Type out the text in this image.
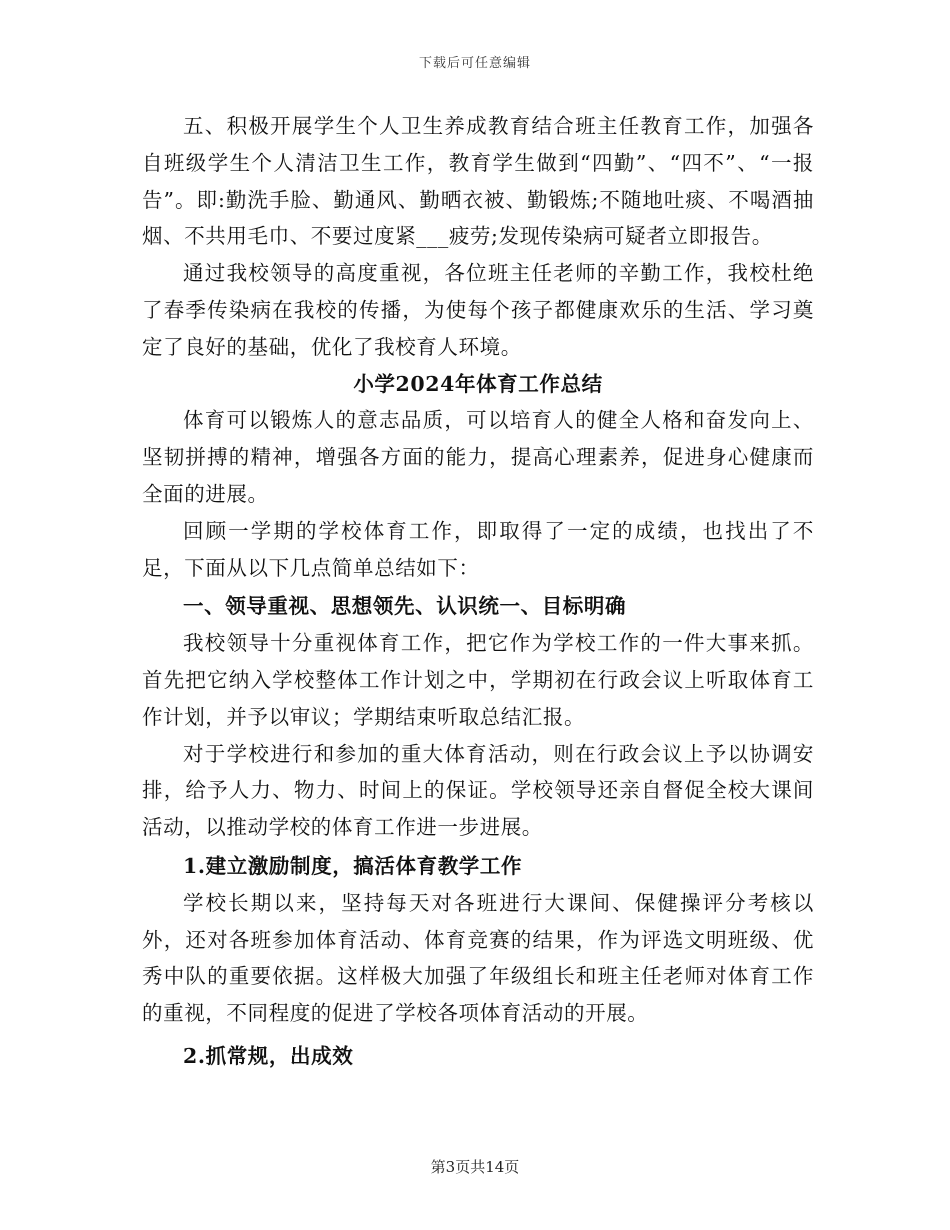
下载后可任意编辑

五、积极开展学生个人卫生养成教育结合班主任教育工作，加强各自班级学生个人清洁卫生工作，教育学生做到“四勤”、“四不”、“一报告”。即:勤洗手脸、勤通风、勤晒衣被、勤锻炼;不随地吐痰、不喝酒抽烟、不共用毛巾、不要过度紧___疲劳;发现传染病可疑者立即报告。

通过我校领导的高度重视，各位班主任老师的辛勤工作，我校杜绝了春季传染病在我校的传播，为使每个孩子都健康欢乐的生活、学习奠定了良好的基础，优化了我校育人环境。

小学2024年体育工作总结

体育可以锻炼人的意志品质，可以培育人的健全人格和奋发向上、坚韧拼搏的精神，增强各方面的能力，提高心理素养，促进身心健康而全面的进展。

回顾一学期的学校体育工作，即取得了一定的成绩，也找出了不足，下面从以下几点简单总结如下：

一、领导重视、思想领先、认识统一、目标明确

我校领导十分重视体育工作，把它作为学校工作的一件大事来抓。首先把它纳入学校整体工作计划之中，学期初在行政会议上听取体育工作计划，并予以审议；学期结束听取总结汇报。

对于学校进行和参加的重大体育活动，则在行政会议上予以协调安排，给予人力、物力、时间上的保证。学校领导还亲自督促全校大课间活动，以推动学校的体育工作进一步进展。

1.建立激励制度，搞活体育教学工作

学校长期以来，坚持每天对各班进行大课间、保健操评分考核以外，还对各班参加体育活动、体育竞赛的结果，作为评选文明班级、优秀中队的重要依据。这样极大加强了年级组长和班主任老师对体育工作的重视，不同程度的促进了学校各项体育活动的开展。

2.抓常规，出成效
第3页共14页
